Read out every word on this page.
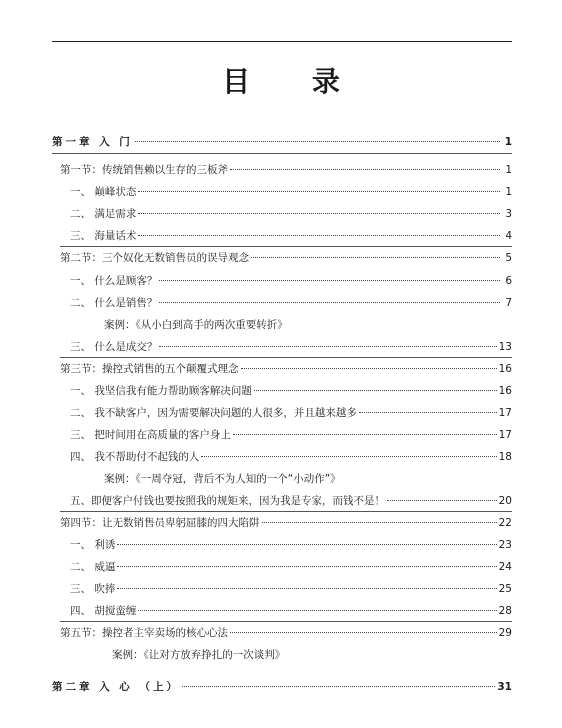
目 录
第一章 入 门	1
第一节：传统销售赖以生存的三板斧	1
一、 巅峰状态	1
二、 满足需求	3
三、 海量话术	4
第二节：三个奴化无数销售员的误导观念	5
一、 什么是顾客？	6
二、 什么是销售？	7
案例：《从小白到高手的两次重要转折》
三、 什么是成交？	13
第三节：操控式销售的五个颠覆式理念	16
一、 我坚信我有能力帮助顾客解决问题	16
二、 我不缺客户，因为需要解决问题的人很多，并且越来越多	17
三、 把时间用在高质量的客户身上	17
四、 我不帮助付不起钱的人	18
案例：《一周夺冠，背后不为人知的一个“小动作”》
五、即便客户付钱也要按照我的规矩来，因为我是专家，而钱不是！	20
第四节：让无数销售员卑躬屈膝的四大陷阱	22
一、 利诱	23
二、 威逼	24
三、 吹捧	25
四、 胡搅蛮缠	28
第五节：操控者主宰卖场的核心心法	29
案例：《让对方放弃挣扎的一次谈判》
第二章 入 心 （上）	31
